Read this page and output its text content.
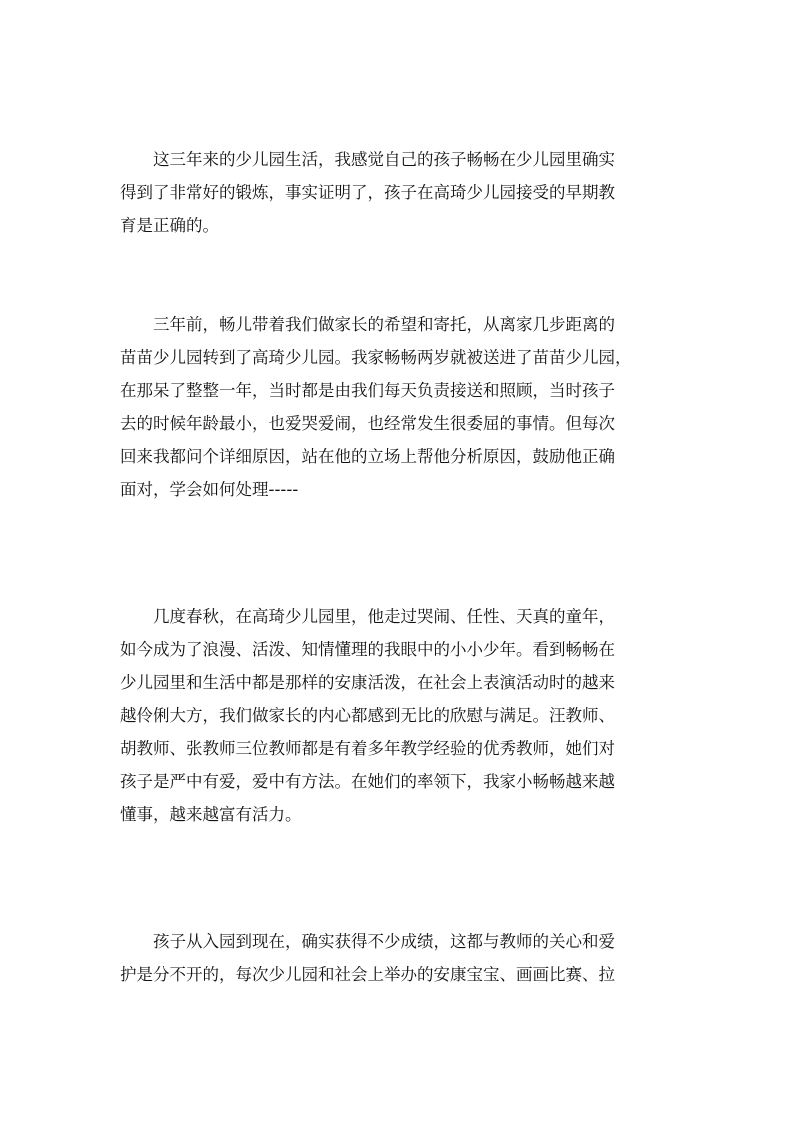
　　这三年来的少儿园生活，我感觉自己的孩子畅畅在少儿园里确实
得到了非常好的锻炼，事实证明了，孩子在高琦少儿园接受的早期教
育是正确的。
　　三年前，畅儿带着我们做家长的希望和寄托，从离家几步距离的
苗苗少儿园转到了高琦少儿园。我家畅畅两岁就被送进了苗苗少儿园，
在那呆了整整一年，当时都是由我们每天负责接送和照顾，当时孩子
去的时候年龄最小，也爱哭爱闹，也经常发生很委屈的事情。但每次
回来我都问个详细原因，站在他的立场上帮他分析原因，鼓励他正确
面对，学会如何处理-----
　　几度春秋，在高琦少儿园里，他走过哭闹、任性、天真的童年，
如今成为了浪漫、活泼、知情懂理的我眼中的小小少年。看到畅畅在
少儿园里和生活中都是那样的安康活泼，在社会上表演活动时的越来
越伶俐大方，我们做家长的内心都感到无比的欣慰与满足。汪教师、
胡教师、张教师三位教师都是有着多年教学经验的优秀教师，她们对
孩子是严中有爱，爱中有方法。在她们的率领下，我家小畅畅越来越
懂事，越来越富有活力。
　　孩子从入园到现在，确实获得不少成绩，这都与教师的关心和爱
护是分不开的，每次少儿园和社会上举办的安康宝宝、画画比赛、拉
